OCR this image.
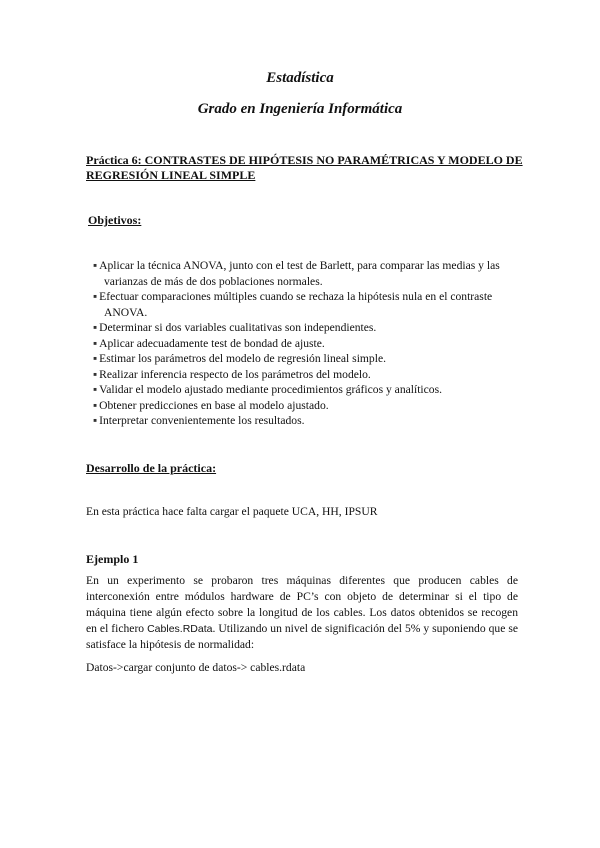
Estadística
Grado en Ingeniería Informática
Práctica 6: CONTRASTES DE HIPÓTESIS NO PARAMÉTRICAS Y MODELO DE REGRESIÓN LINEAL SIMPLE
Objetivos:
▪ Aplicar la técnica ANOVA, junto con el test de Barlett, para comparar las medias y las varianzas de más de dos poblaciones normales.
▪ Efectuar comparaciones múltiples cuando se rechaza la hipótesis nula en el contraste ANOVA.
▪ Determinar si dos variables cualitativas son independientes.
▪ Aplicar adecuadamente test de bondad de ajuste.
▪ Estimar los parámetros del modelo de regresión lineal simple.
▪ Realizar inferencia respecto de los parámetros del modelo.
▪ Validar el modelo ajustado mediante procedimientos gráficos y analíticos.
▪ Obtener predicciones en base al modelo ajustado.
▪ Interpretar convenientemente los resultados.
Desarrollo de la práctica:
En esta práctica hace falta cargar el paquete UCA, HH, IPSUR
Ejemplo 1
En un experimento se probaron tres máquinas diferentes que producen cables de interconexión entre módulos hardware de PC’s con objeto de determinar si el tipo de máquina tiene algún efecto sobre la longitud de los cables. Los datos obtenidos se recogen en el fichero Cables.RData. Utilizando un nivel de significación del 5% y suponiendo que se satisface la hipótesis de normalidad:
Datos->cargar conjunto de datos-> cables.rdata
